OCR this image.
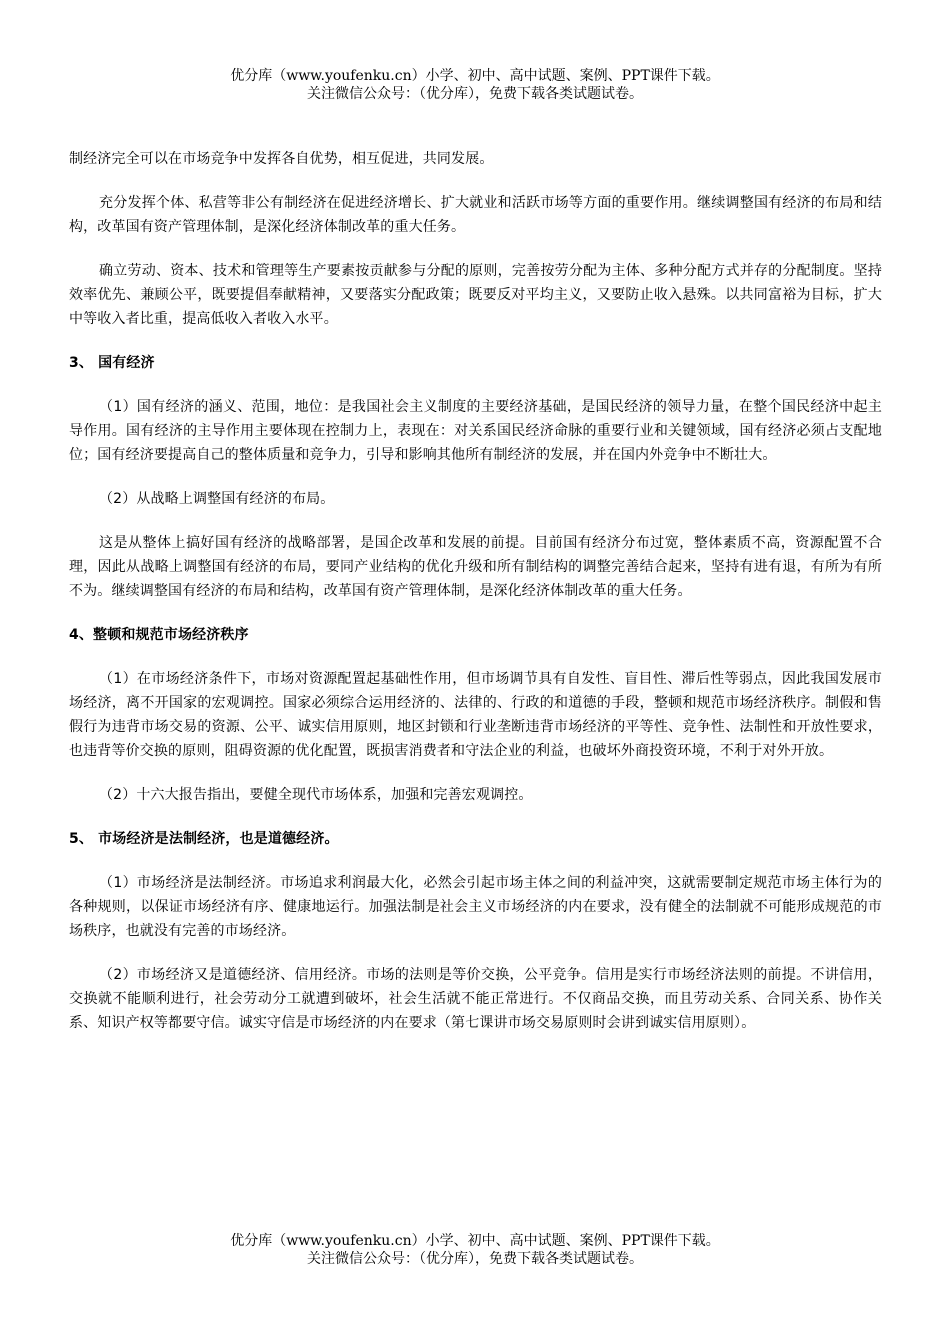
优分库（www.youfenku.cn）小学、初中、高中试题、案例、PPT课件下载。
关注微信公众号：（优分库），免费下载各类试题试卷。

制经济完全可以在市场竞争中发挥各自优势，相互促进，共同发展。

充分发挥个体、私营等非公有制经济在促进经济增长、扩大就业和活跃市场等方面的重要作用。继续调整国有经济的布局和结构，改革国有资产管理体制，是深化经济体制改革的重大任务。

确立劳动、资本、技术和管理等生产要素按贡献参与分配的原则，完善按劳分配为主体、多种分配方式并存的分配制度。坚持效率优先、兼顾公平，既要提倡奉献精神，又要落实分配政策；既要反对平均主义，又要防止收入悬殊。以共同富裕为目标，扩大中等收入者比重，提高低收入者收入水平。

3、 国有经济

（1）国有经济的涵义、范围，地位：是我国社会主义制度的主要经济基础，是国民经济的领导力量，在整个国民经济中起主导作用。国有经济的主导作用主要体现在控制力上，表现在：对关系国民经济命脉的重要行业和关键领域，国有经济必须占支配地位；国有经济要提高自己的整体质量和竞争力，引导和影响其他所有制经济的发展，并在国内外竞争中不断壮大。

（2）从战略上调整国有经济的布局。

这是从整体上搞好国有经济的战略部署，是国企改革和发展的前提。目前国有经济分布过宽，整体素质不高，资源配置不合理，因此从战略上调整国有经济的布局，要同产业结构的优化升级和所有制结构的调整完善结合起来，坚持有进有退，有所为有所不为。继续调整国有经济的布局和结构，改革国有资产管理体制，是深化经济体制改革的重大任务。

4、整顿和规范市场经济秩序

（1）在市场经济条件下，市场对资源配置起基础性作用，但市场调节具有自发性、盲目性、滞后性等弱点，因此我国发展市场经济，离不开国家的宏观调控。国家必须综合运用经济的、法律的、行政的和道德的手段，整顿和规范市场经济秩序。制假和售假行为违背市场交易的资源、公平、诚实信用原则，地区封锁和行业垄断违背市场经济的平等性、竞争性、法制性和开放性要求，也违背等价交换的原则，阻碍资源的优化配置，既损害消费者和守法企业的利益，也破坏外商投资环境，不利于对外开放。

（2）十六大报告指出，要健全现代市场体系，加强和完善宏观调控。

5、 市场经济是法制经济，也是道德经济。

（1）市场经济是法制经济。市场追求利润最大化，必然会引起市场主体之间的利益冲突，这就需要制定规范市场主体行为的各种规则，以保证市场经济有序、健康地运行。加强法制是社会主义市场经济的内在要求，没有健全的法制就不可能形成规范的市场秩序，也就没有完善的市场经济。

（2）市场经济又是道德经济、信用经济。市场的法则是等价交换，公平竞争。信用是实行市场经济法则的前提。不讲信用，交换就不能顺利进行，社会劳动分工就遭到破坏，社会生活就不能正常进行。不仅商品交换，而且劳动关系、合同关系、协作关系、知识产权等都要守信。诚实守信是市场经济的内在要求（第七课讲市场交易原则时会讲到诚实信用原则）。

优分库（www.youfenku.cn）小学、初中、高中试题、案例、PPT课件下载。
关注微信公众号：（优分库），免费下载各类试题试卷。
